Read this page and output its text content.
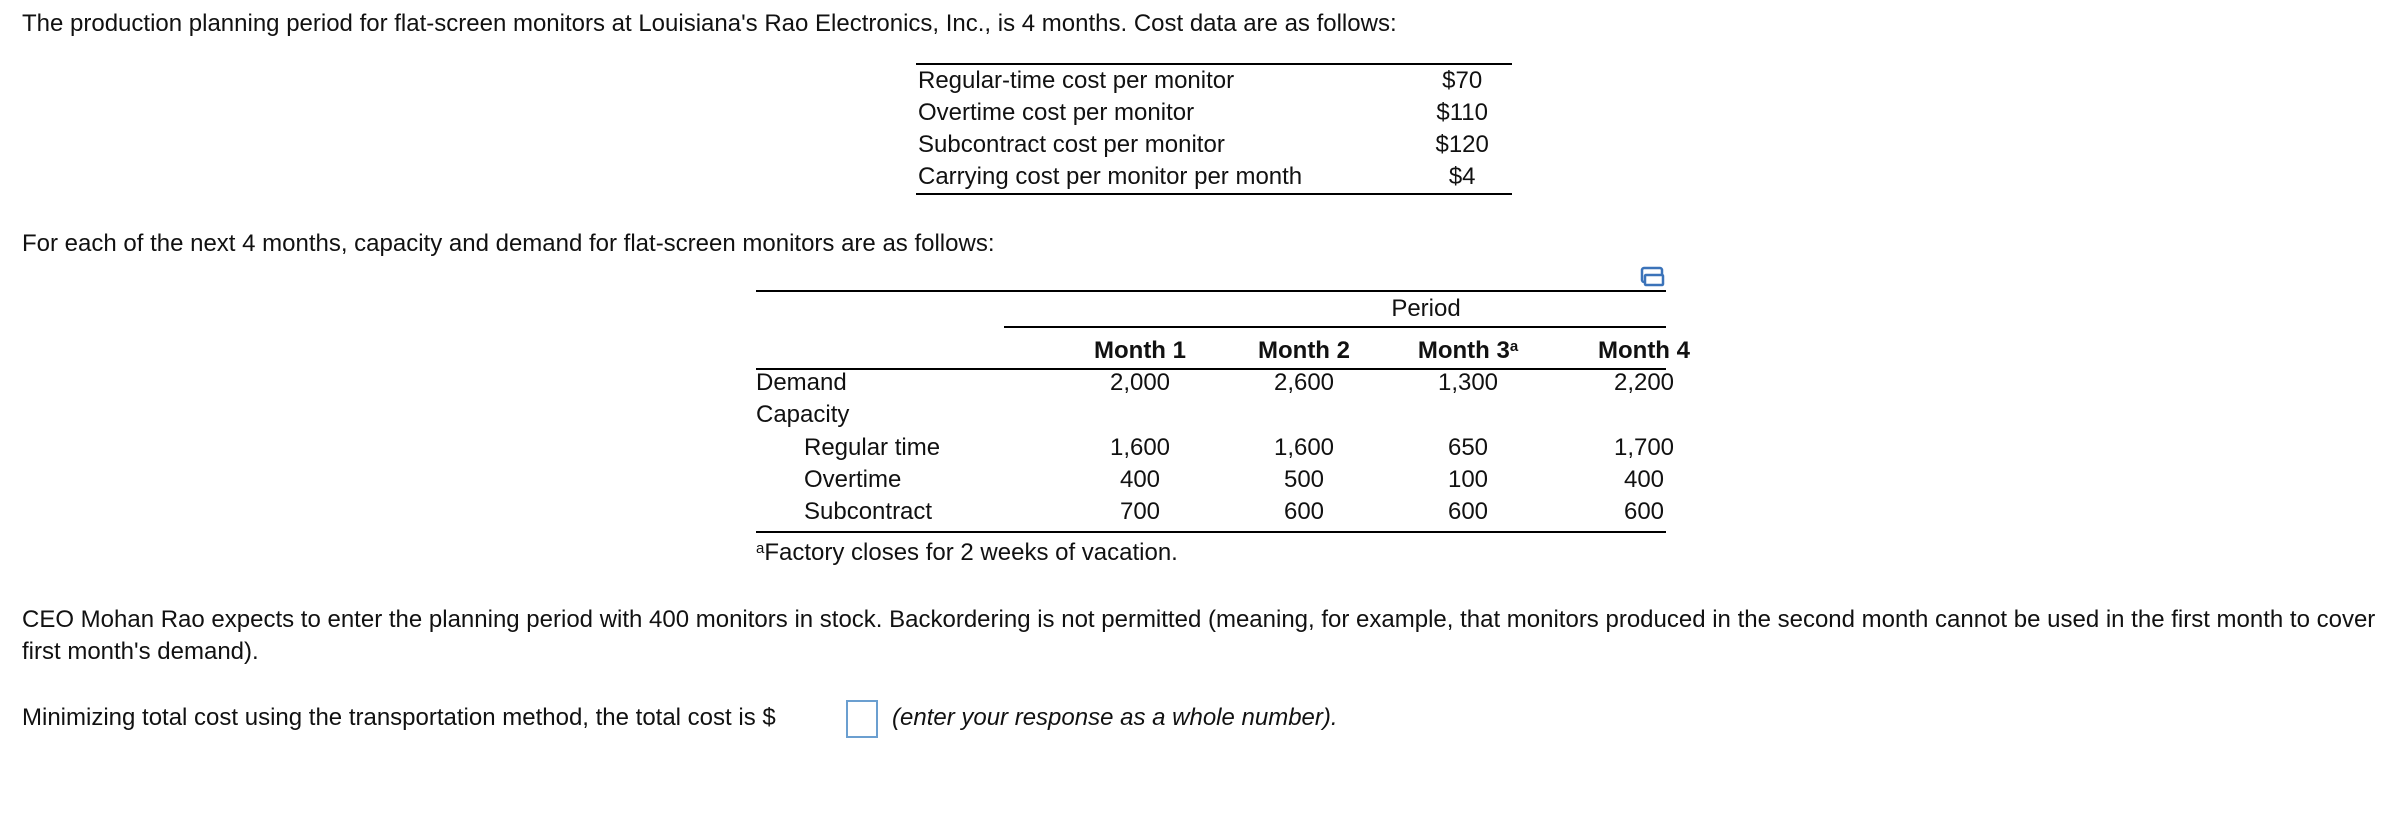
The production planning period for flat-screen monitors at Louisiana's Rao Electronics, Inc., is 4 months. Cost data are as follows:
Regular-time cost per monitor	$70
Overtime cost per monitor	$110
Subcontract cost per monitor	$120
Carrying cost per monitor per month	$4
For each of the next 4 months, capacity and demand for flat-screen monitors are as follows:
Period
Month 1	Month 2	Month 3$^a$	Month 4
Demand	2,000	2,600	1,300	2,200
Capacity
Regular time	1,600	1,600	650	1,700
Overtime	400	500	100	400
Subcontract	700	600	600	600
$^a$Factory closes for 2 weeks of vacation.
CEO Mohan Rao expects to enter the planning period with 400 monitors in stock. Backordering is not permitted (meaning, for example, that monitors produced in the second month cannot be used in the first month to cover first month's demand).
Minimizing total cost using the transportation method, the total cost is $	(enter your response as a whole number).
